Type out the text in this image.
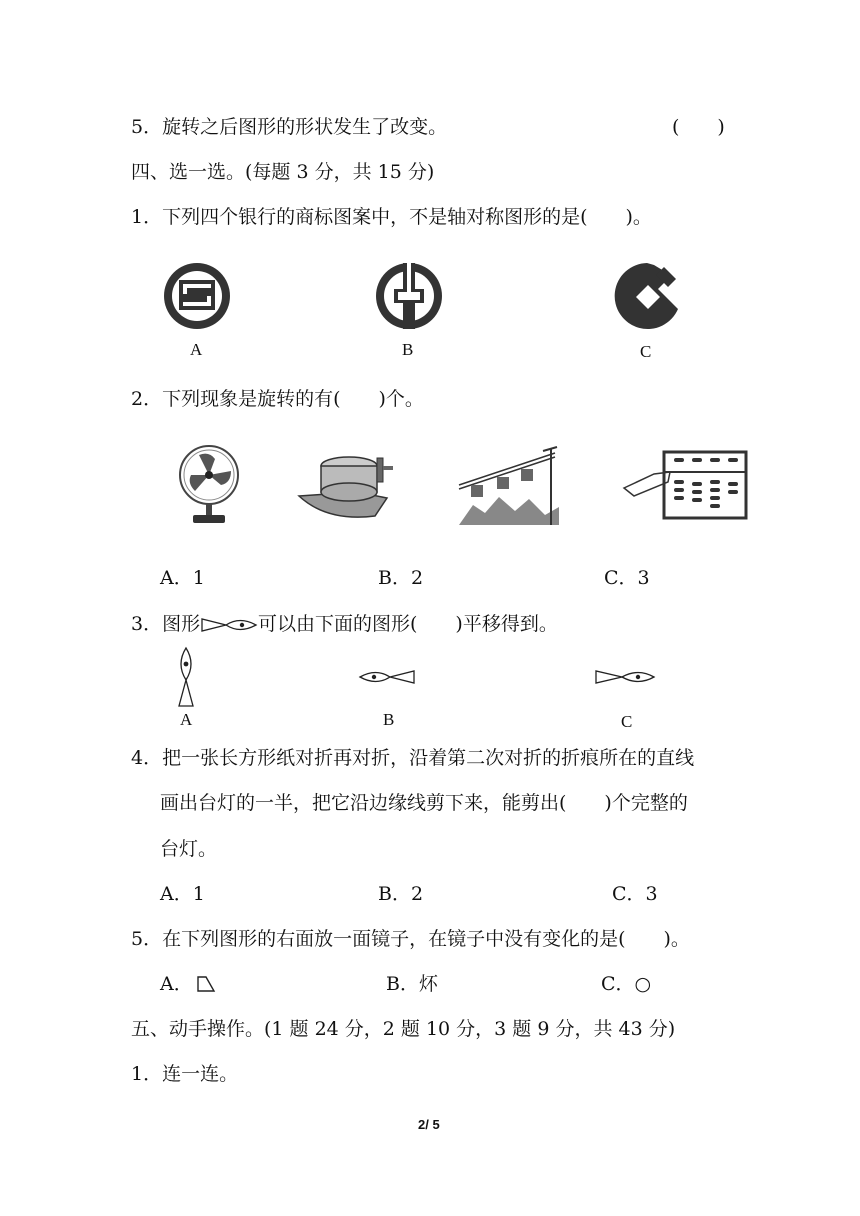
5．旋转之后图形的形状发生了改变。	(　　)
四、选一选。(每题 3 分，共 15 分)
1．下列四个银行的商标图案中，不是轴对称图形的是(　　)。
A	B	C
2．下列现象是旋转的有(　　)个。
A．1	B．2	C．3
3．图形	可以由下面的图形(　　)平移得到。
A	B	C
4．把一张长方形纸对折再对折，沿着第二次对折的折痕所在的直线
画出台灯的一半，把它沿边缘线剪下来，能剪出(　　)个完整的
台灯。
A．1	B．2	C．3
5．在下列图形的右面放一面镜子，在镜子中没有变化的是(　　)。
A．	B．炋	C．○
五、动手操作。(1 题 24 分，2 题 10 分，3 题 9 分，共 43 分)
1．连一连。
2/ 5
